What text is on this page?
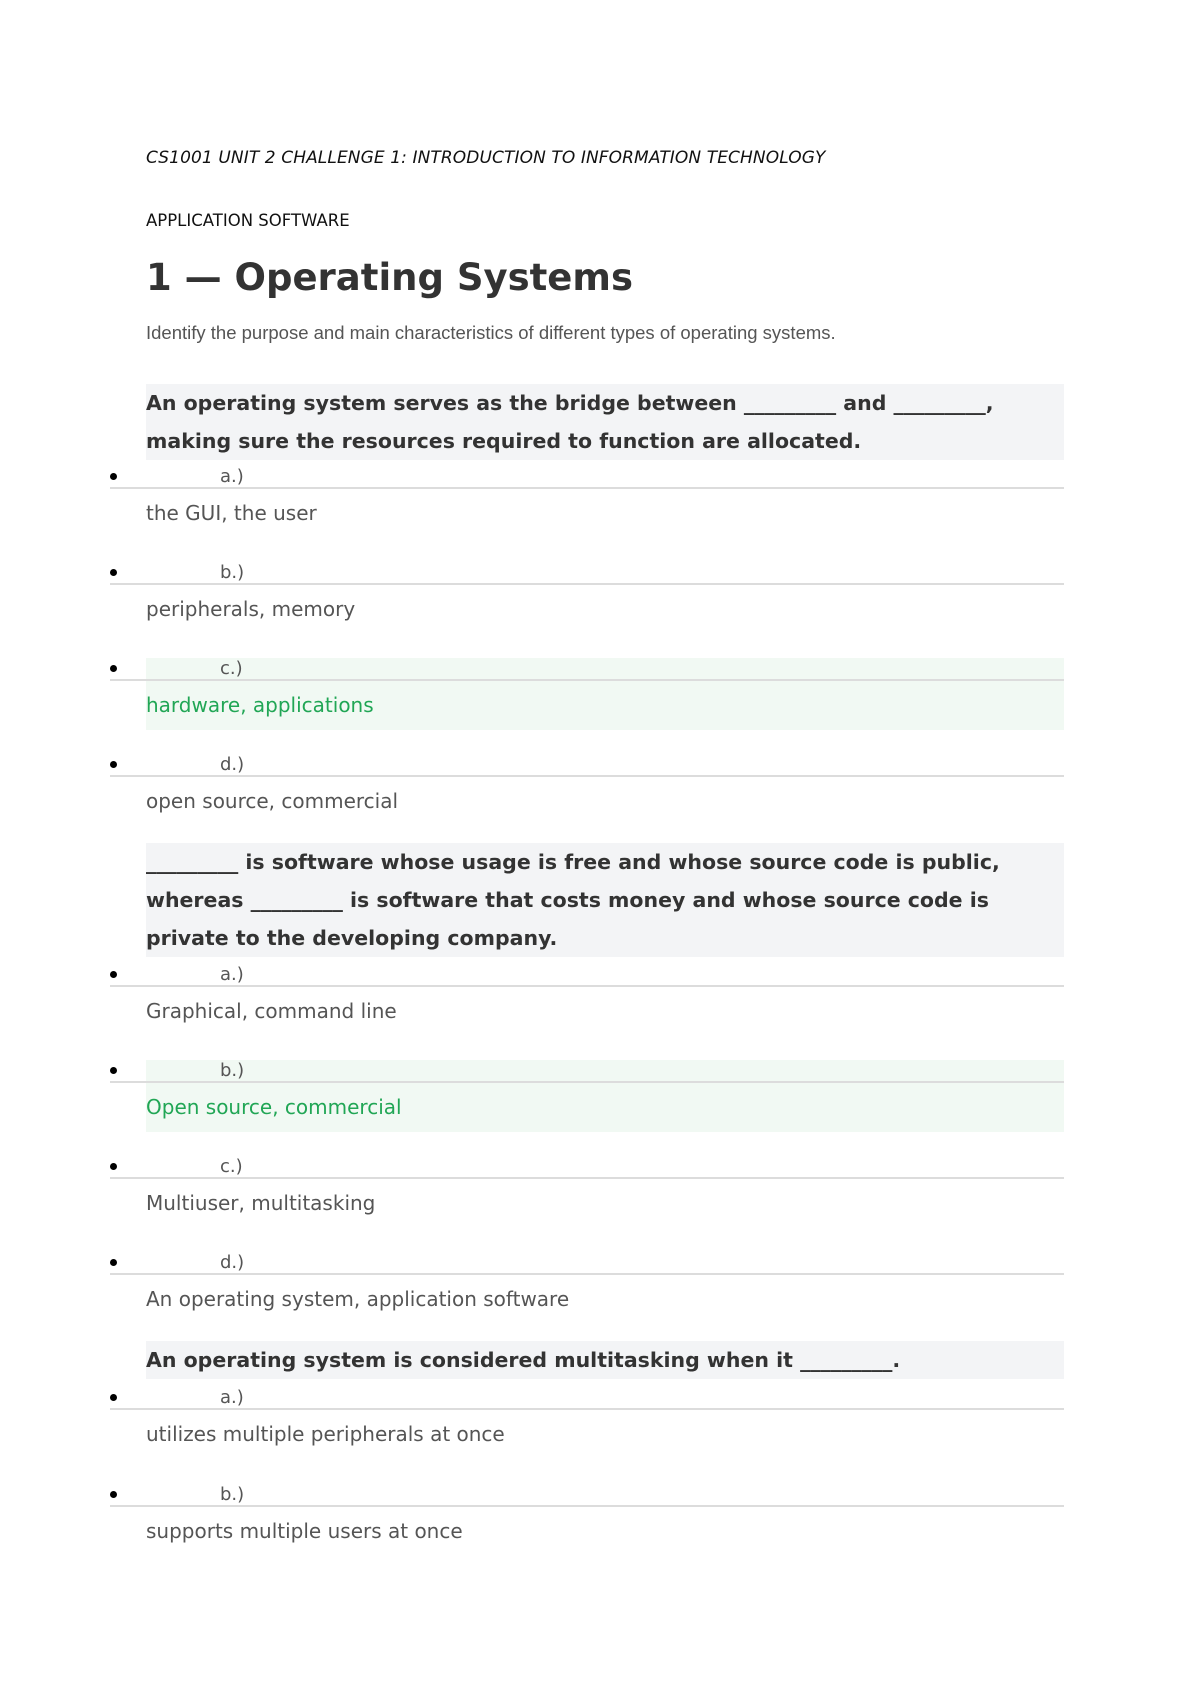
CS1001 UNIT 2 CHALLENGE 1: INTRODUCTION TO INFORMATION TECHNOLOGY
APPLICATION SOFTWARE
1 — Operating Systems
Identify the purpose and main characteristics of different types of operating systems.
An operating system serves as the bridge between _________ and _________,
making sure the resources required to function are allocated.
a.)
the GUI, the user
b.)
peripherals, memory
c.)
hardware, applications
d.)
open source, commercial
_________ is software whose usage is free and whose source code is public,
whereas _________ is software that costs money and whose source code is
private to the developing company.
a.)
Graphical, command line
b.)
Open source, commercial
c.)
Multiuser, multitasking
d.)
An operating system, application software
An operating system is considered multitasking when it _________.
a.)
utilizes multiple peripherals at once
b.)
supports multiple users at once
